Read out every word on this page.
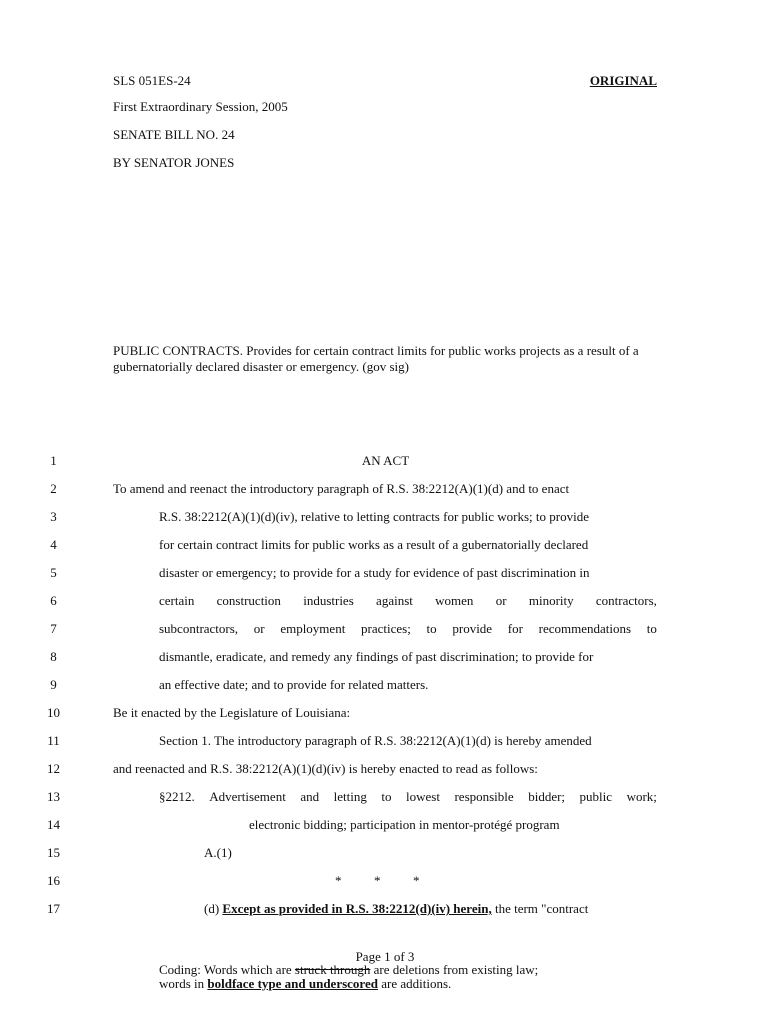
SLS 051ES-24	ORIGINAL
First Extraordinary Session, 2005
SENATE BILL NO. 24
BY SENATOR JONES
PUBLIC CONTRACTS. Provides for certain contract limits for public works projects as a result of a gubernatorially declared disaster or emergency. (gov sig)
1	AN ACT
2	To amend and reenact the introductory paragraph of R.S. 38:2212(A)(1)(d) and to enact
3	R.S. 38:2212(A)(1)(d)(iv), relative to letting contracts for public works; to provide
4	for certain contract limits for public works as a result of a gubernatorially declared
5	disaster or emergency; to provide for a study for evidence of past discrimination in
6	certain construction industries against women or minority contractors,
7	subcontractors, or employment practices; to provide for recommendations to
8	dismantle, eradicate, and remedy any findings of past discrimination; to provide for
9	an effective date; and to provide for related matters.
10	Be it enacted by the Legislature of Louisiana:
11	Section 1. The introductory paragraph of R.S. 38:2212(A)(1)(d) is hereby amended
12	and reenacted and R.S. 38:2212(A)(1)(d)(iv) is hereby enacted to read as follows:
13	§2212. Advertisement and letting to lowest responsible bidder; public work;
14	electronic bidding; participation in mentor-protégé program
15	A.(1)
16	*          *          *
17	(d) Except as provided in R.S. 38:2212(d)(iv) herein, the term "contract
Page 1 of 3
Coding: Words which are struck through are deletions from existing law;
words in boldface type and underscored are additions.
